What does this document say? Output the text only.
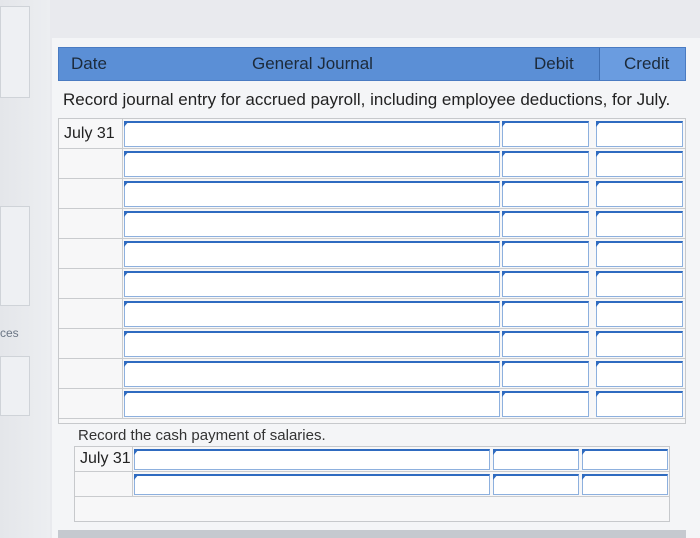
ces
Date	General Journal	Debit	Credit
Record journal entry for accrued payroll, including employee deductions, for July.
July 31
Record the cash payment of salaries.
July 31
